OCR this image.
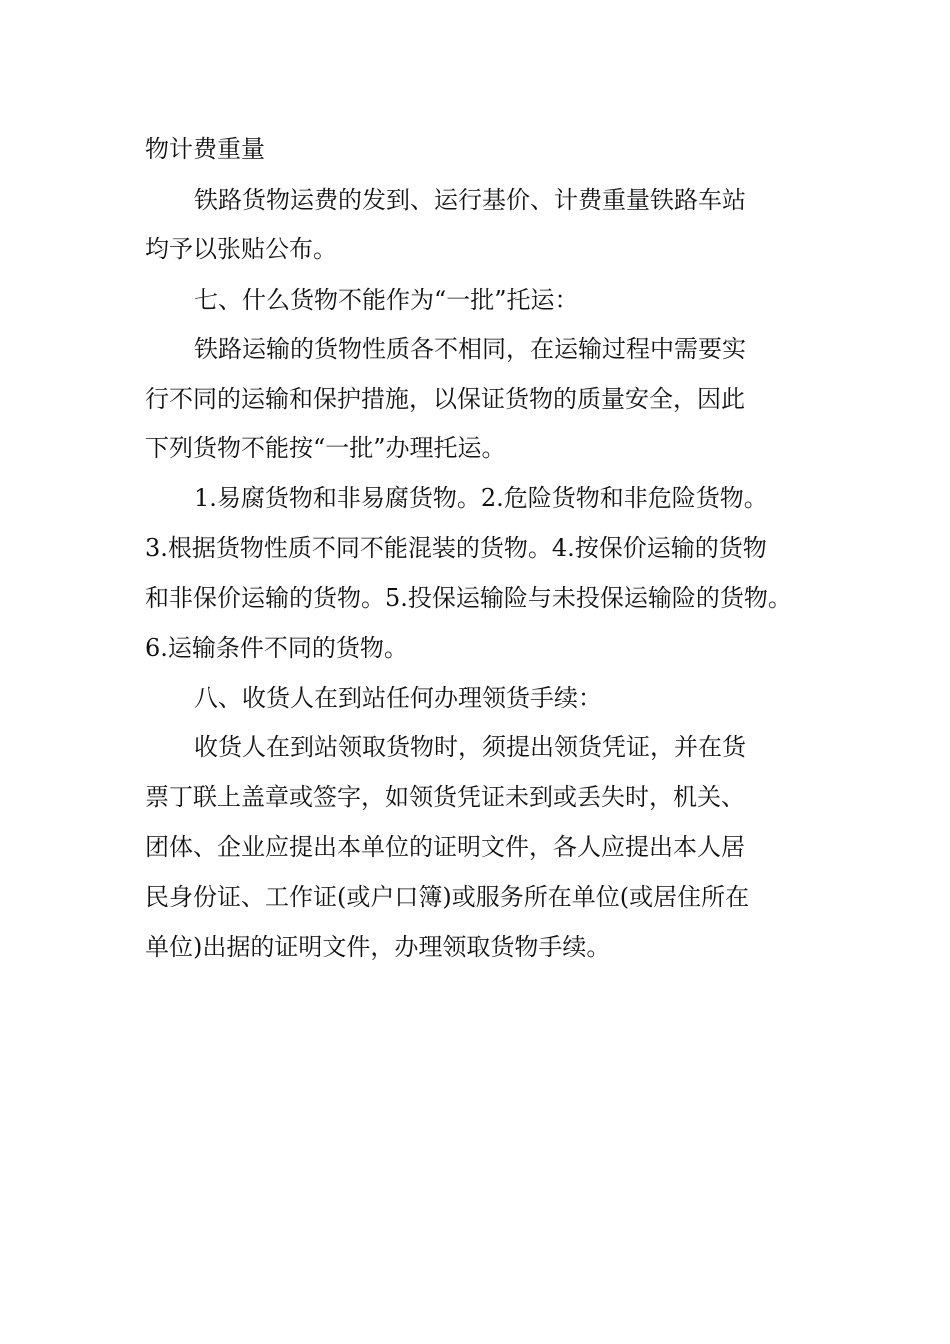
物计费重量
铁路货物运费的发到、运行基价、计费重量铁路车站
均予以张贴公布。
七、什么货物不能作为“一批”托运：
铁路运输的货物性质各不相同，在运输过程中需要实
行不同的运输和保护措施，以保证货物的质量安全，因此
下列货物不能按“一批”办理托运。
1.易腐货物和非易腐货物。2.危险货物和非危险货物。
3.根据货物性质不同不能混装的货物。4.按保价运输的货物
和非保价运输的货物。5.投保运输险与未投保运输险的货物。
6.运输条件不同的货物。
八、收货人在到站任何办理领货手续：
收货人在到站领取货物时，须提出领货凭证，并在货
票丁联上盖章或签字，如领货凭证未到或丢失时，机关、
团体、企业应提出本单位的证明文件，各人应提出本人居
民身份证、工作证(或户口簿)或服务所在单位(或居住所在
单位)出据的证明文件，办理领取货物手续。
